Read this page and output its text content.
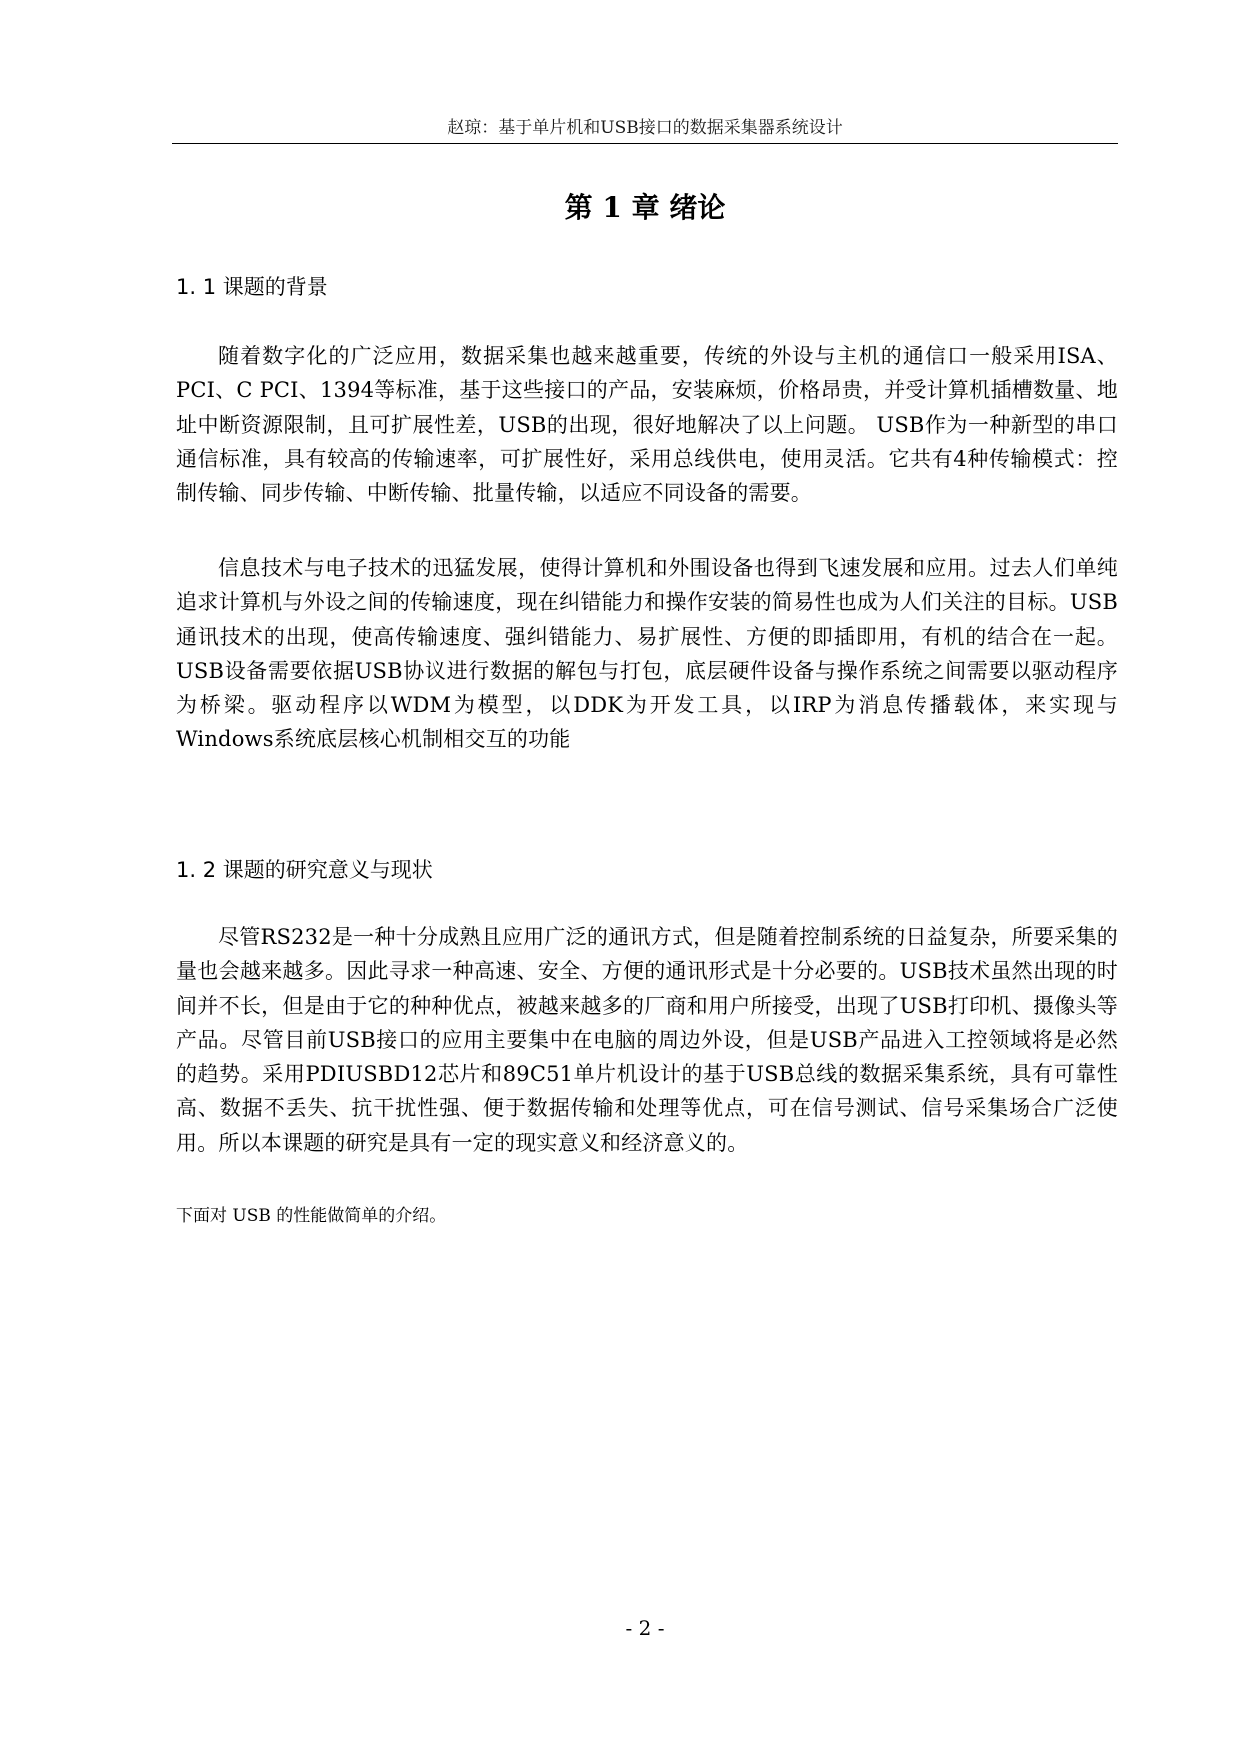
赵琼：基于单片机和USB接口的数据采集器系统设计
第 1 章 绪论
1. 1 课题的背景
随着数字化的广泛应用，数据采集也越来越重要，传统的外设与主机的通信口一般采用ISA、PCI、C PCI、1394等标准，基于这些接口的产品，安装麻烦，价格昂贵，并受计算机插槽数量、地址中断资源限制，且可扩展性差，USB的出现，很好地解决了以上问题。 USB作为一种新型的串口通信标准，具有较高的传输速率，可扩展性好，采用总线供电，使用灵活。它共有4种传输模式：控制传输、同步传输、中断传输、批量传输，以适应不同设备的需要。
信息技术与电子技术的迅猛发展，使得计算机和外围设备也得到飞速发展和应用。过去人们单纯追求计算机与外设之间的传输速度，现在纠错能力和操作安装的简易性也成为人们关注的目标。USB通讯技术的出现，使高传输速度、强纠错能力、易扩展性、方便的即插即用，有机的结合在一起。USB设备需要依据USB协议进行数据的解包与打包，底层硬件设备与操作系统之间需要以驱动程序为桥梁。驱动程序以WDM为模型，以DDK为开发工具，以IRP为消息传播载体，来实现与Windows系统底层核心机制相交互的功能
1. 2 课题的研究意义与现状
尽管RS232是一种十分成熟且应用广泛的通讯方式，但是随着控制系统的日益复杂，所要采集的量也会越来越多。因此寻求一种高速、安全、方便的通讯形式是十分必要的。USB技术虽然出现的时间并不长，但是由于它的种种优点，被越来越多的厂商和用户所接受，出现了USB打印机、摄像头等产品。尽管目前USB接口的应用主要集中在电脑的周边外设，但是USB产品进入工控领域将是必然的趋势。采用PDIUSBD12芯片和89C51单片机设计的基于USB总线的数据采集系统，具有可靠性高、数据不丢失、抗干扰性强、便于数据传输和处理等优点，可在信号测试、信号采集场合广泛使用。所以本课题的研究是具有一定的现实意义和经济意义的。
下面对 USB 的性能做简单的介绍。
- 2 -
